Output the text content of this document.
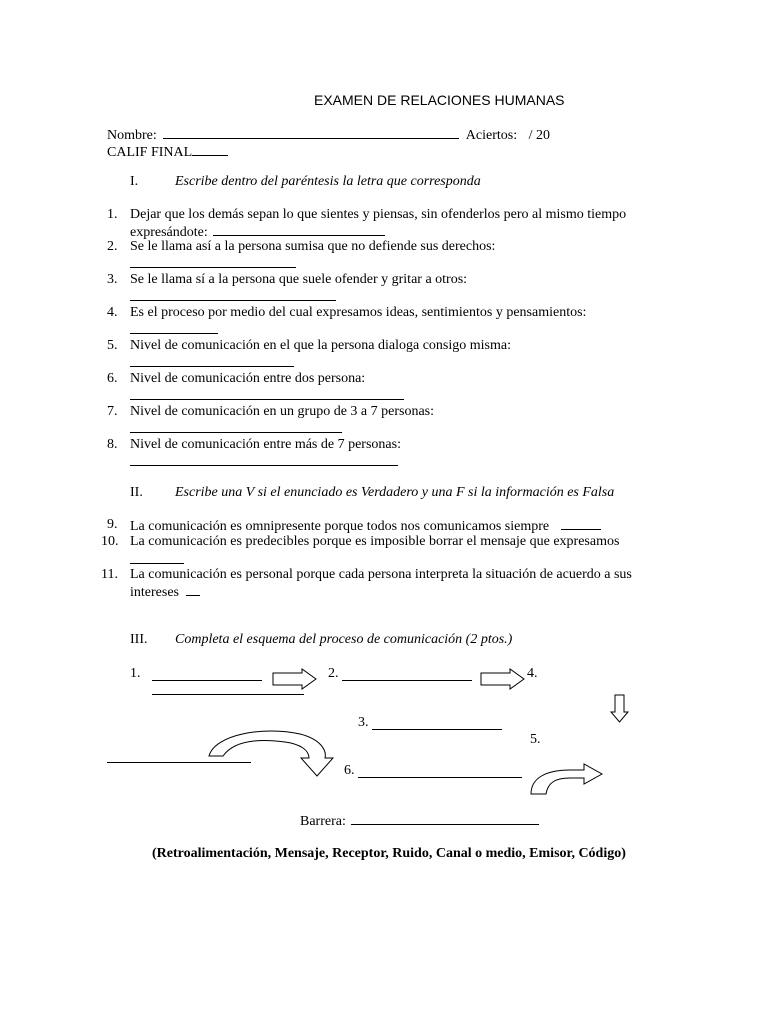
EXAMEN DE RELACIONES HUMANAS
Nombre:	Aciertos: / 20
CALIF FINAL
I.	Escribe dentro del paréntesis la letra que corresponda
1. Dejar que los demás sepan lo que sientes y piensas, sin ofenderlos pero al mismo tiempo
expresándote:
2. Se le llama así a la persona sumisa que no defiende sus derechos:
3. Se le llama sí a la persona que suele ofender y gritar a otros:
4. Es el proceso por medio del cual expresamos ideas, sentimientos y pensamientos:
5. Nivel de comunicación en el que la persona dialoga consigo misma:
6. Nivel de comunicación entre dos persona:
7. Nivel de comunicación en un grupo de 3 a 7 personas:
8. Nivel de comunicación entre más de 7 personas:
II. Escribe una V si el enunciado es Verdadero y una F si la información es Falsa
9. La comunicación es omnipresente porque todos nos comunicamos siempre
10. La comunicación es predecibles porque es imposible borrar el mensaje que expresamos
11. La comunicación es personal porque cada persona interpreta la situación de acuerdo a sus
intereses
III. Completa el esquema del proceso de comunicación (2 ptos.)
1.	2.	4.
3.
5.
6.
Barrera:
(Retroalimentación, Mensaje, Receptor, Ruido, Canal o medio, Emisor, Código)
